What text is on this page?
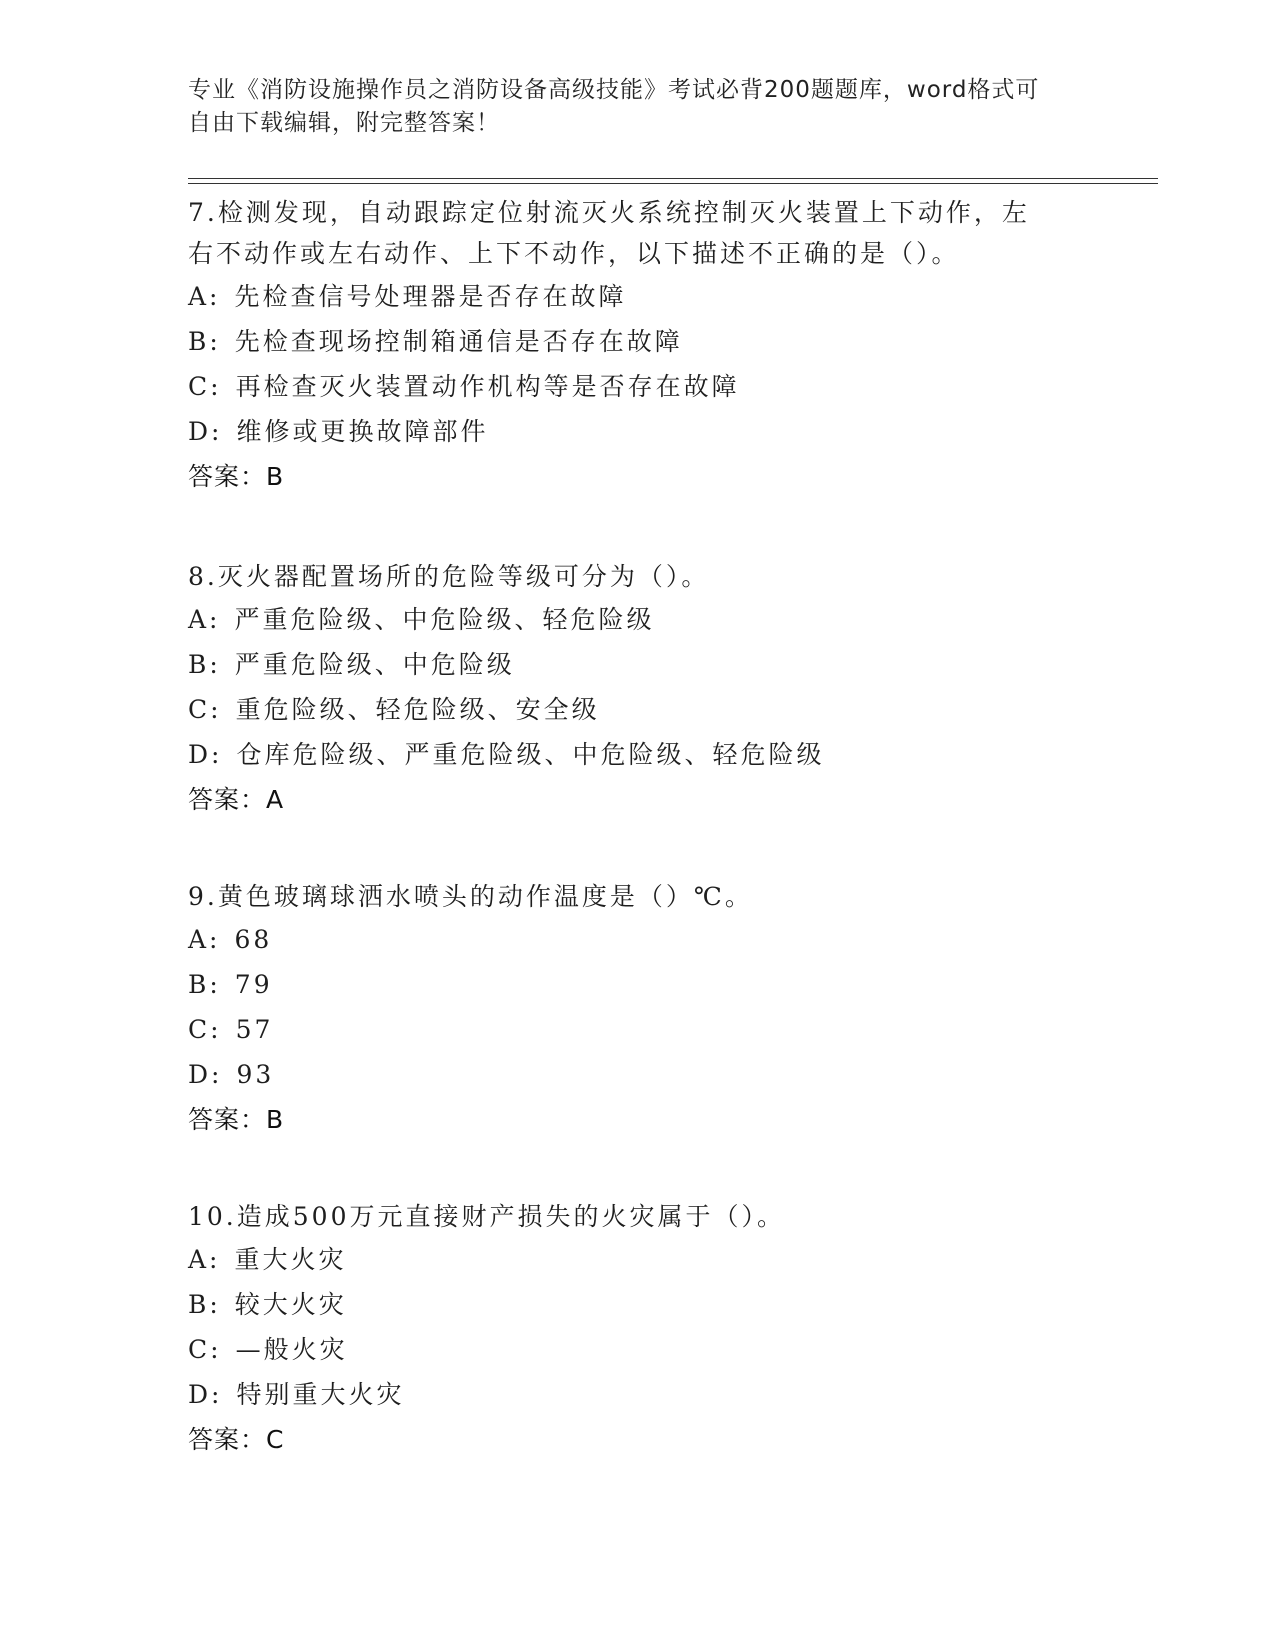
专业《消防设施操作员之消防设备高级技能》考试必背200题题库，word格式可
自由下载编辑，附完整答案！
7.检测发现，自动跟踪定位射流灭火系统控制灭火装置上下动作，左
右不动作或左右动作、上下不动作，以下描述不正确的是（）。
A: 先检查信号处理器是否存在故障
B: 先检查现场控制箱通信是否存在故障
C: 再检查灭火装置动作机构等是否存在故障
D: 维修或更换故障部件
答案：B
8.灭火器配置场所的危险等级可分为（）。
A: 严重危险级、中危险级、轻危险级
B: 严重危险级、中危险级
C: 重危险级、轻危险级、安全级
D: 仓库危险级、严重危险级、中危险级、轻危险级
答案：A
9.黄色玻璃球洒水喷头的动作温度是（）℃。
A: 68
B: 79
C: 57
D: 93
答案：B
10.造成500万元直接财产损失的火灾属于（）。
A: 重大火灾
B: 较大火灾
C: —般火灾
D: 特别重大火灾
答案：C
